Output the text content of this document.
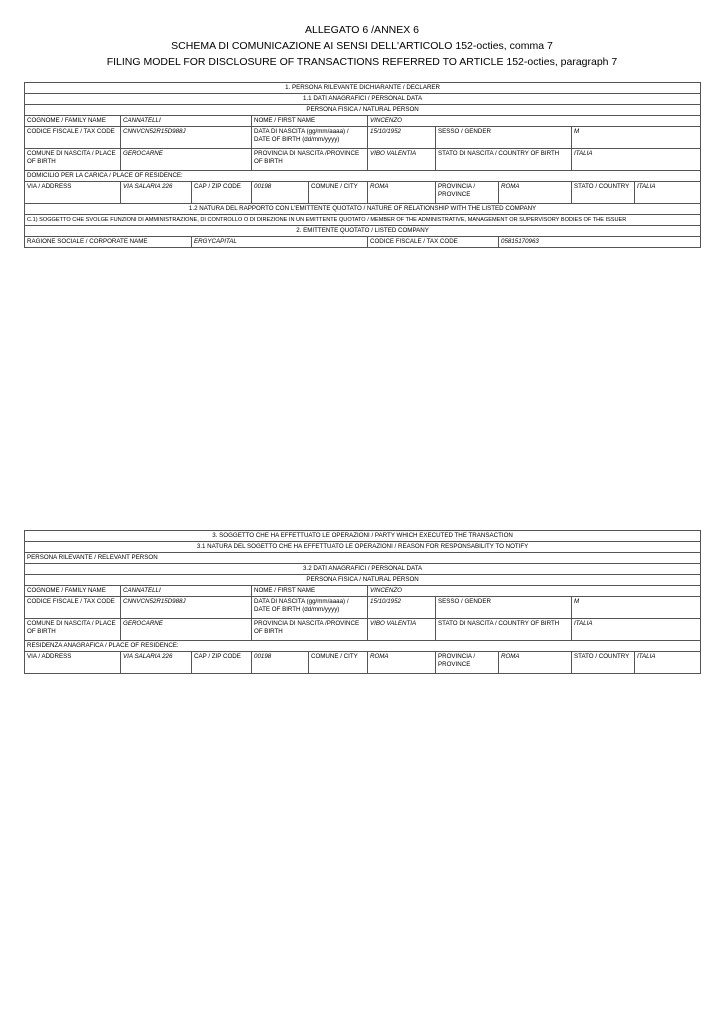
ALLEGATO 6 /ANNEX 6
SCHEMA DI COMUNICAZIONE AI SENSI DELL'ARTICOLO 152-octies, comma 7
FILING MODEL FOR DISCLOSURE OF TRANSACTIONS REFERRED TO ARTICLE 152-octies, paragraph 7
1. PERSONA RILEVANTE DICHIARANTE / DECLARER									
1.1 DATI ANAGRAFICI / PERSONAL DATA									
PERSONA FISICA / NATURAL PERSON									
COGNOME / FAMILY NAME	CANNATELLI		NOME / FIRST NAME		VINCENZO				
CODICE FISCALE / TAX CODE	CNNVCN52R15D988J		DATA DI NASCITA (gg/mm/aaaa) / DATE OF BIRTH (dd/mm/yyyy)		15/10/1952	SESSO / GENDER		M	
COMUNE DI NASCITA / PLACE OF BIRTH	GEROCARNE		PROVINCIA DI NASCITA /PROVINCE OF BIRTH		VIBO VALENTIA	STATO DI NASCITA / COUNTRY OF BIRTH		ITALIA	
DOMICILIO PER LA CARICA / PLACE OF RESIDENCE:									
VIA / ADDRESS	VIA SALARIA 226	CAP / ZIP CODE	00198	COMUNE / CITY	ROMA	PROVINCIA / PROVINCE	ROMA	STATO / COUNTRY	ITALIA
1.2 NATURA DEL RAPPORTO CON L'EMITTENTE QUOTATO / NATURE OF RELATIONSHIP WITH THE LISTED COMPANY									
C.1) SOGGETTO CHE SVOLGE FUNZIONI DI AMMINISTRAZIONE, DI CONTROLLO O DI DIREZIONE IN UN EMITTENTE QUOTATO / MEMBER OF THE ADMINISTRATIVE, MANAGEMENT OR SUPERVISORY BODIES OF THE ISSUER									
2. EMITTENTE QUOTATO / LISTED COMPANY									
RAGIONE SOCIALE / CORPORATE NAME		ERGYCAPITAL			CODICE FISCALE / TAX CODE		05815170963		
3. SOGGETTO CHE HA EFFETTUATO LE OPERAZIONI / PARTY WHICH EXECUTED THE TRANSACTION									
3.1 NATURA DEL SOGETTO CHE HA EFFETTUATO LE OPERAZIONI / REASON FOR RESPONSABILITY TO NOTIFY									
PERSONA RILEVANTE / RELEVANT PERSON									
3.2 DATI ANAGRAFICI / PERSONAL DATA									
PERSONA FISICA / NATURAL PERSON									
COGNOME / FAMILY NAME	CANNATELLI		NOME / FIRST NAME		VINCENZO				
CODICE FISCALE / TAX CODE	CNNVCN52R15D988J		DATA DI NASCITA (gg/mm/aaaa) / DATE OF BIRTH (dd/mm/yyyy)		15/10/1952	SESSO / GENDER		M	
COMUNE DI NASCITA / PLACE OF BIRTH	GEROCARNE		PROVINCIA DI NASCITA /PROVINCE OF BIRTH		VIBO VALENTIA	STATO DI NASCITA / COUNTRY OF BIRTH		ITALIA	
RESIDENZA ANAGRAFICA / PLACE OF RESIDENCE:									
VIA / ADDRESS	VIA SALARIA 226	CAP / ZIP CODE	00198	COMUNE / CITY	ROMA	PROVINCIA / PROVINCE	ROMA	STATO / COUNTRY	ITALIA
